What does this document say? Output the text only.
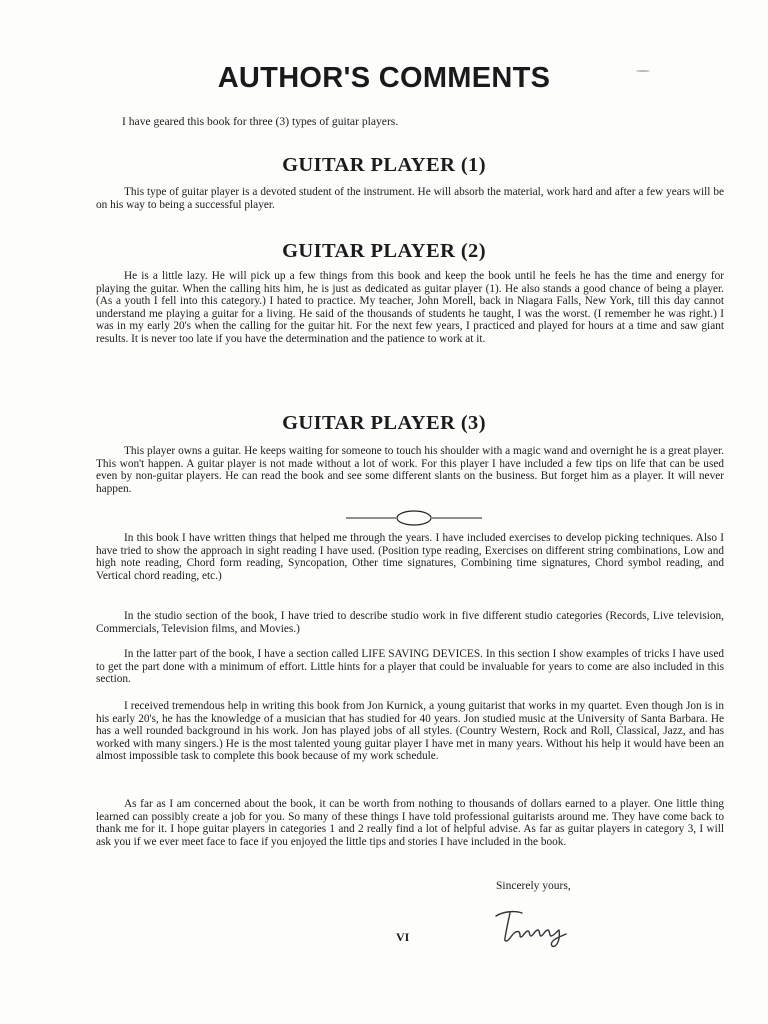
AUTHOR'S COMMENTS
I have geared this book for three (3) types of guitar players.
GUITAR PLAYER (1)
This type of guitar player is a devoted student of the instrument. He will absorb the material, work hard and after a few years will be on his way to being a successful player.
GUITAR PLAYER (2)
He is a little lazy. He will pick up a few things from this book and keep the book until he feels he has the time and energy for playing the guitar. When the calling hits him, he is just as dedicated as guitar player (1). He also stands a good chance of being a player. (As a youth I fell into this category.) I hated to practice. My teacher, John Morell, back in Niagara Falls, New York, till this day cannot understand me playing a guitar for a living. He said of the thousands of students he taught, I was the worst. (I remember he was right.) I was in my early 20's when the calling for the guitar hit. For the next few years, I practiced and played for hours at a time and saw giant results. It is never too late if you have the determination and the patience to work at it.
GUITAR PLAYER (3)
This player owns a guitar. He keeps waiting for someone to touch his shoulder with a magic wand and overnight he is a great player. This won't happen. A guitar player is not made without a lot of work. For this player I have included a few tips on life that can be used even by non-guitar players. He can read the book and see some different slants on the business. But forget him as a player. It will never happen.
In this book I have written things that helped me through the years. I have included exercises to develop picking techniques. Also I have tried to show the approach in sight reading I have used. (Position type reading, Exercises on different string combinations, Low and high note reading, Chord form reading, Syncopation, Other time signatures, Combining time signatures, Chord symbol reading, and Vertical chord reading, etc.)
In the studio section of the book, I have tried to describe studio work in five different studio categories (Records, Live television, Commercials, Television films, and Movies.)
In the latter part of the book, I have a section called LIFE SAVING DEVICES. In this section I show examples of tricks I have used to get the part done with a minimum of effort. Little hints for a player that could be invaluable for years to come are also included in this section.
I received tremendous help in writing this book from Jon Kurnick, a young guitarist that works in my quartet. Even though Jon is in his early 20's, he has the knowledge of a musician that has studied for 40 years. Jon studied music at the University of Santa Barbara. He has a well rounded background in his work. Jon has played jobs of all styles. (Country Western, Rock and Roll, Classical, Jazz, and has worked with many singers.) He is the most talented young guitar player I have met in many years. Without his help it would have been an almost impossible task to complete this book because of my work schedule.
As far as I am concerned about the book, it can be worth from nothing to thousands of dollars earned to a player. One little thing learned can possibly create a job for you. So many of these things I have told professional guitarists around me. They have come back to thank me for it. I hope guitar players in categories 1 and 2 really find a lot of helpful advise. As far as guitar players in category 3, I will ask you if we ever meet face to face if you enjoyed the little tips and stories I have included in the book.
Sincerely yours,
VI
